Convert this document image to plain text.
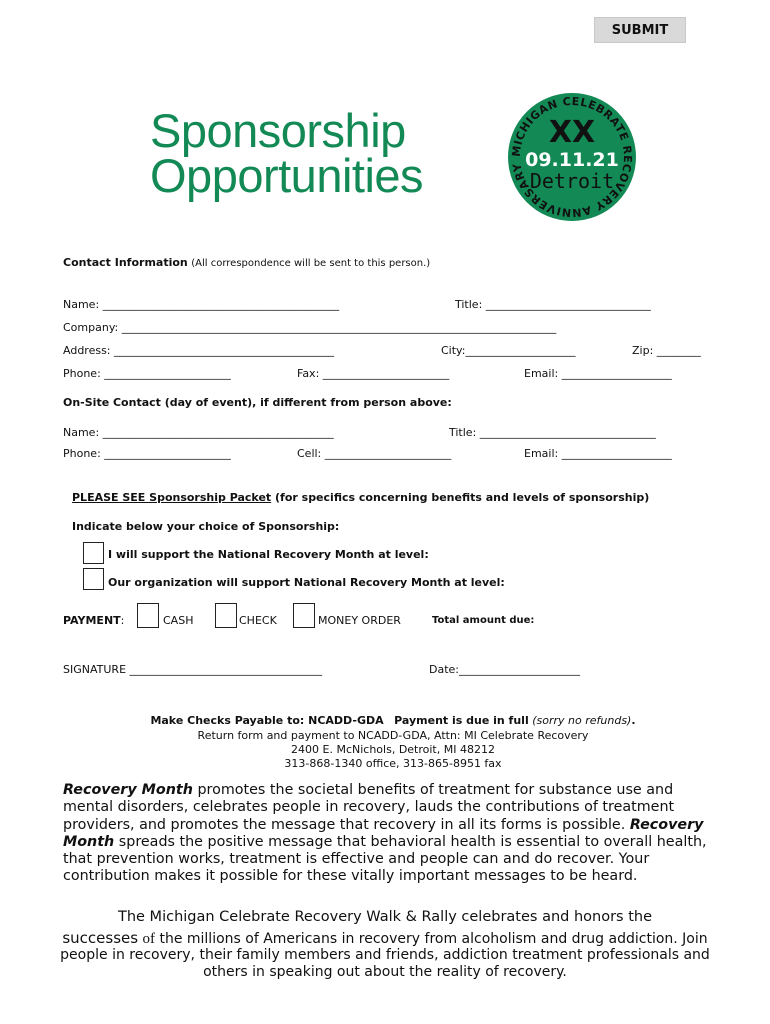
SUBMIT
Sponsorship
Opportunities	MICHIGAN CELEBRATE RECOVERY ANNIVERSARY
XX
09.11.21
Detroit
Contact Information (All correspondence will be sent to this person.)
Name: ___________________________________________	Title: ______________________________
Company: _______________________________________________________________________________
Address: ________________________________________	City:____________________	Zip: ________
Phone: _______________________	Fax: _______________________	Email: ____________________
On-Site Contact (day of event), if different from person above:
Name: __________________________________________	Title: ________________________________
Phone: _______________________	Cell: _______________________	Email: ____________________
PLEASE SEE Sponsorship Packet (for specifics concerning benefits and levels of sponsorship)
Indicate below your choice of Sponsorship:
I will support the National Recovery Month at level:
Our organization will support National Recovery Month at level:
PAYMENT:	CASH	CHECK	MONEY ORDER	Total amount due:
SIGNATURE ___________________________________	Date:______________________
Make Checks Payable to: NCADD-GDA Payment is due in full (sorry no refunds).
Return form and payment to NCADD-GDA, Attn: MI Celebrate Recovery
2400 E. McNichols, Detroit, MI 48212
313-868-1340 office, 313-865-8951 fax
Recovery Month promotes the societal benefits of treatment for substance use and mental disorders, celebrates people in recovery, lauds the contributions of treatment providers, and promotes the message that recovery in all its forms is possible. Recovery Month spreads the positive message that behavioral health is essential to overall health, that prevention works, treatment is effective and people can and do recover. Your contribution makes it possible for these vitally important messages to be heard.
The Michigan Celebrate Recovery Walk & Rally celebrates and honors the
successes of the millions of Americans in recovery from alcoholism and drug addiction. Join
people in recovery, their family members and friends, addiction treatment professionals and
others in speaking out about the reality of recovery.
